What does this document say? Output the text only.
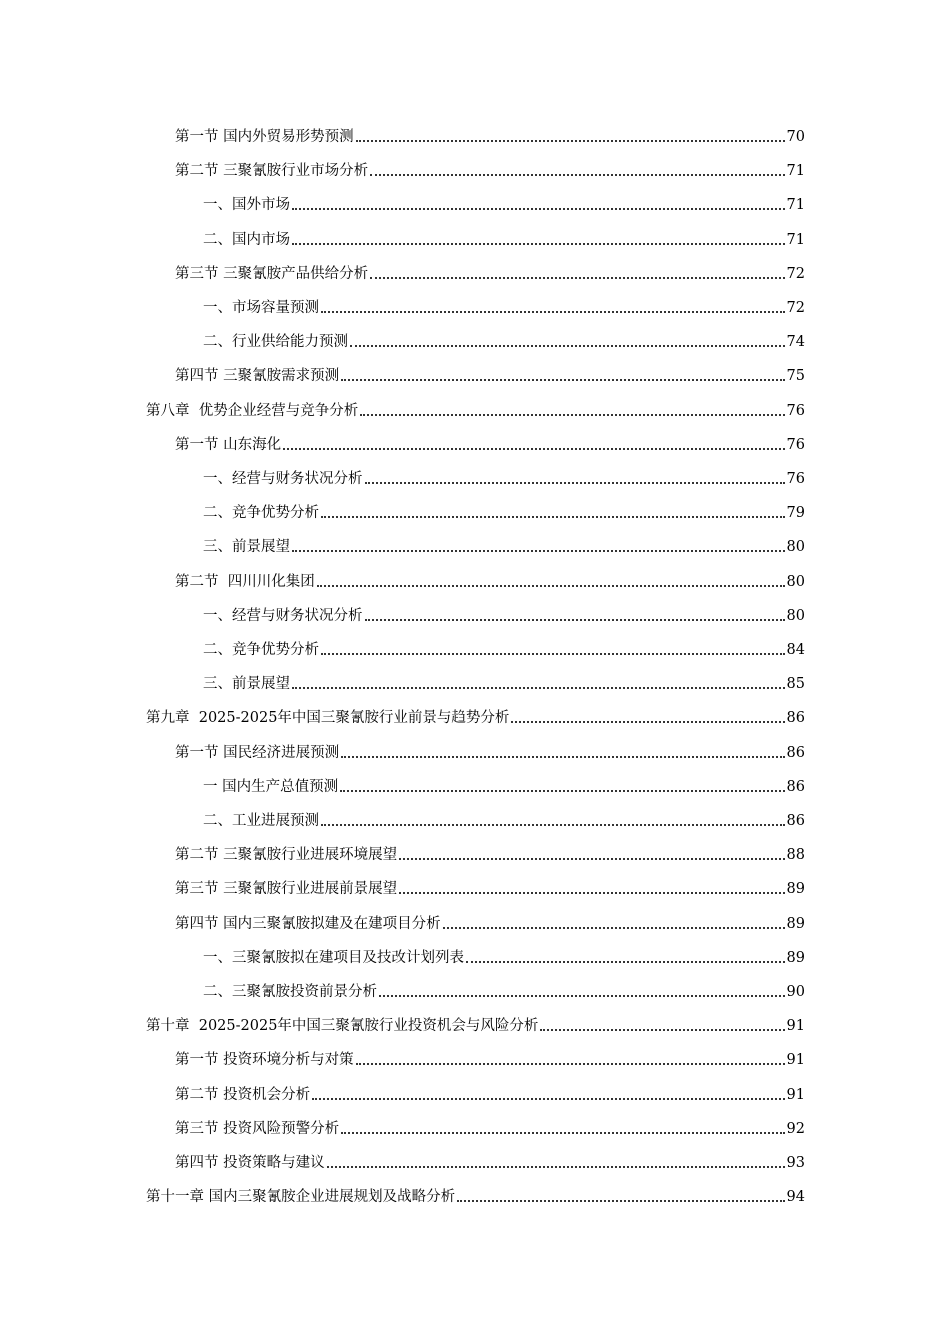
第一节 国内外贸易形势预测	70
第二节 三聚氰胺行业市场分析	71
一、国外市场	71
二、国内市场	71
第三节 三聚氰胺产品供给分析	72
一、市场容量预测	72
二、行业供给能力预测	74
第四节 三聚氰胺需求预测	75
第八章  优势企业经营与竞争分析	76
第一节 山东海化	76
一、经营与财务状况分析	76
二、竞争优势分析	79
三、前景展望	80
第二节  四川川化集团	80
一、经营与财务状况分析	80
二、竞争优势分析	84
三、前景展望	85
第九章  2025-2025年中国三聚氰胺行业前景与趋势分析	86
第一节 国民经济进展预测	86
一 国内生产总值预测	86
二、工业进展预测	86
第二节 三聚氰胺行业进展环境展望	88
第三节 三聚氰胺行业进展前景展望	89
第四节 国内三聚氰胺拟建及在建项目分析	89
一、三聚氰胺拟在建项目及技改计划列表	89
二、三聚氰胺投资前景分析	90
第十章  2025-2025年中国三聚氰胺行业投资机会与风险分析	91
第一节 投资环境分析与对策	91
第二节 投资机会分析	91
第三节 投资风险预警分析	92
第四节 投资策略与建议	93
第十一章 国内三聚氰胺企业进展规划及战略分析	94
